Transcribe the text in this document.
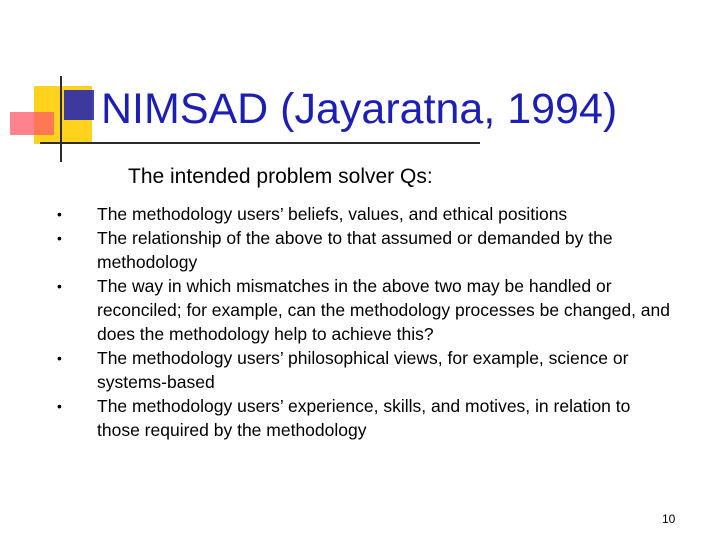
NIMSAD (Jayaratna, 1994)
The intended problem solver Qs:
• The methodology users’ beliefs, values, and ethical positions
• The relationship of the above to that assumed or demanded by the methodology
• The way in which mismatches in the above two may be handled or reconciled; for example, can the methodology processes be changed, and does the methodology help to achieve this?
• The methodology users’ philosophical views, for example, science or systems-based
• The methodology users’ experience, skills, and motives, in relation to those required by the methodology
10
